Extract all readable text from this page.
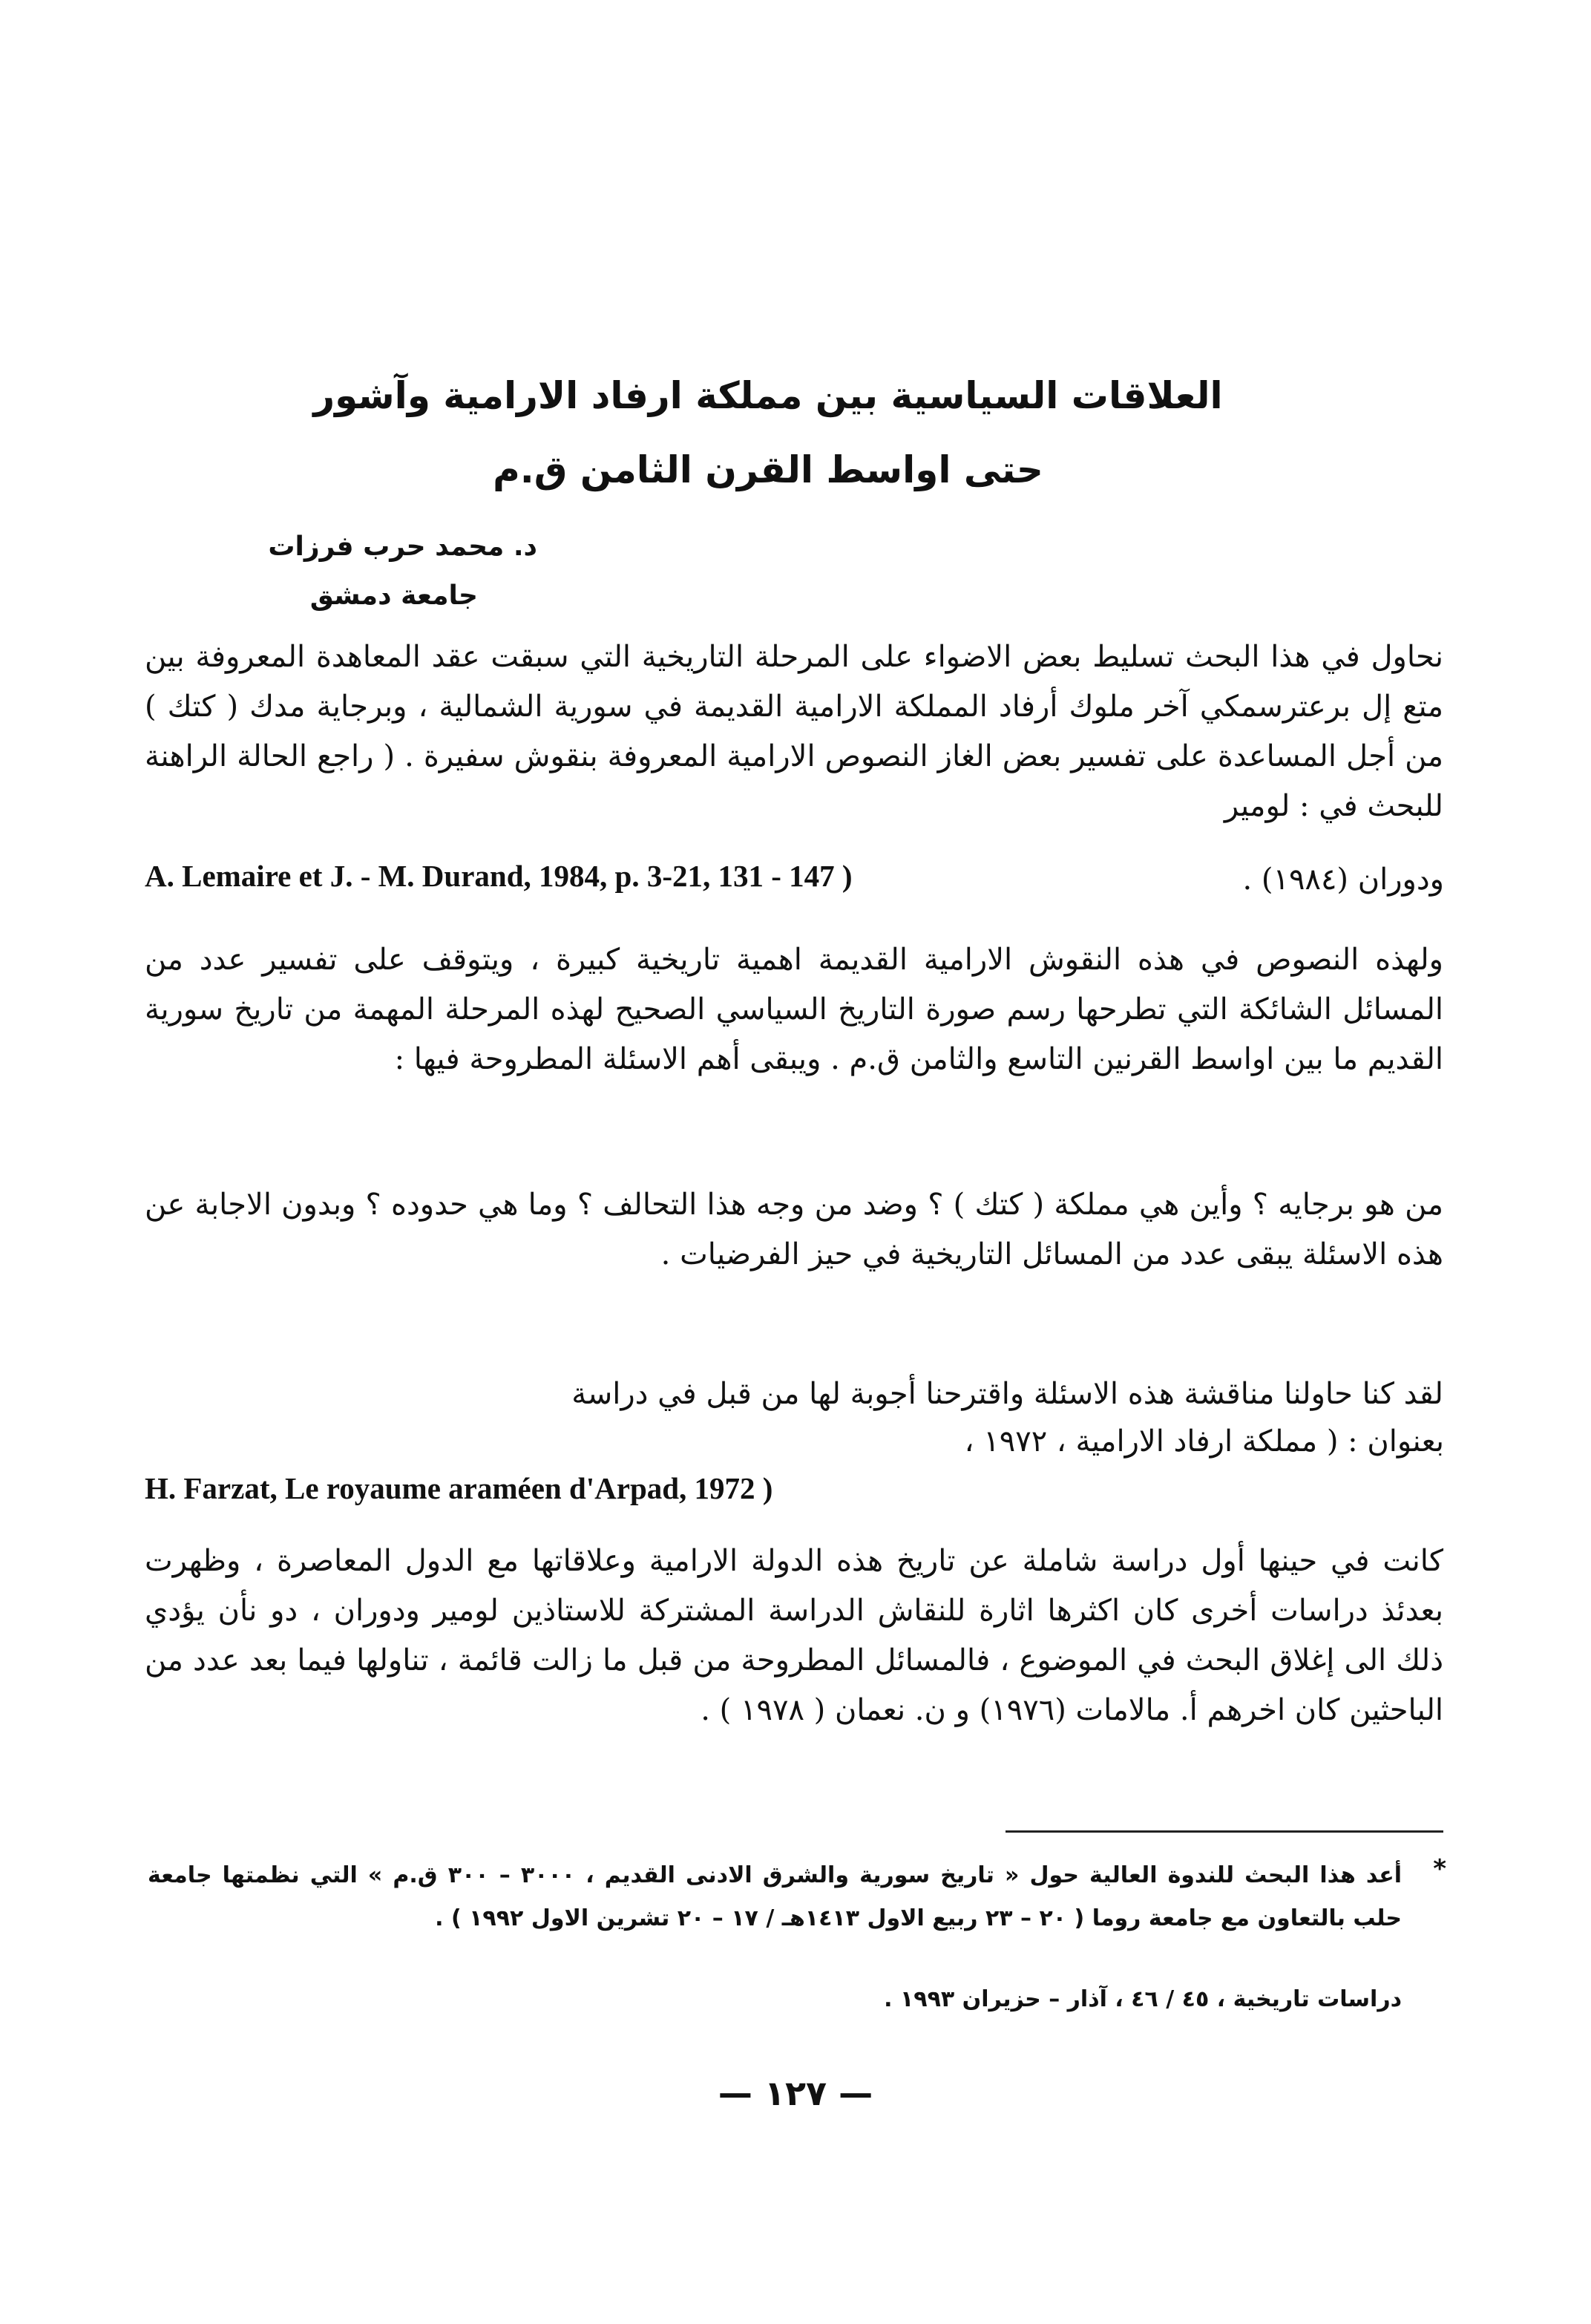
العلاقات السياسية بين مملكة ارفاد الارامية وآشور
حتى اواسط القرن الثامن ق.م
د. محمد حرب فرزات
جامعة دمشق

نحاول في هذا البحث تسليط بعض الاضواء على المرحلة التاريخية التي سبقت عقد المعاهدة المعروفة بين متع إل برعترسمكي آخر ملوك أرفاد المملكة الارامية القديمة في سورية الشمالية ، وبرجاية مدك ( كتك ) من أجل المساعدة على تفسير بعض الغاز النصوص الارامية المعروفة بنقوش سفيرة . ( راجع الحالة الراهنة للبحث في : لومير

A. Lemaire et J. - M. Durand, 1984, p. 3-21, 131 - 147 )	ودوران (١٩٨٤) .

ولهذه النصوص في هذه النقوش الارامية القديمة اهمية تاريخية كبيرة ، ويتوقف على تفسير عدد من المسائل الشائكة التي تطرحها رسم صورة التاريخ السياسي الصحيح لهذه المرحلة المهمة من تاريخ سورية القديم ما بين اواسط القرنين التاسع والثامن ق.م . ويبقى أهم الاسئلة المطروحة فيها :

من هو برجايه ؟ وأين هي مملكة ( كتك ) ؟ وضد من وجه هذا التحالف ؟ وما هي حدوده ؟ وبدون الاجابة عن هذه الاسئلة يبقى عدد من المسائل التاريخية في حيز الفرضيات .

لقد كنا حاولنا مناقشة هذه الاسئلة واقترحنا أجوبة لها من قبل في دراسة

بعنوان : ( مملكة ارفاد الارامية ، ١٩٧٢ ،
H. Farzat, Le royaume araméen d'Arpad, 1972 )

كانت في حينها أول دراسة شاملة عن تاريخ هذه الدولة الارامية وعلاقاتها مع الدول المعاصرة ، وظهرت بعدئذ دراسات أخرى كان اكثرها اثارة للنقاش الدراسة المشتركة للاستاذين لومير ودوران ، دو نأن يؤدي ذلك الى إغلاق البحث في الموضوع ، فالمسائل المطروحة من قبل ما زالت قائمة ، تناولها فيما بعد عدد من الباحثين كان اخرهم أ. مالامات (١٩٧٦) و ن. نعمان ( ١٩٧٨ ) .

*
أعد هذا البحث للندوة العالية حول « تاريخ سورية والشرق الادنى القديم ، ٣٠٠٠ – ٣٠٠ ق.م » التي نظمتها جامعة حلب بالتعاون مع جامعة روما ( ٢٠ – ٢٣ ربيع الاول ١٤١٣هـ / ١٧ – ٢٠ تشرين الاول ١٩٩٢ ) .
دراسات تاريخية ، ٤٥ / ٤٦ ، آذار – حزيران ١٩٩٣ .
— ١٢٧ —
